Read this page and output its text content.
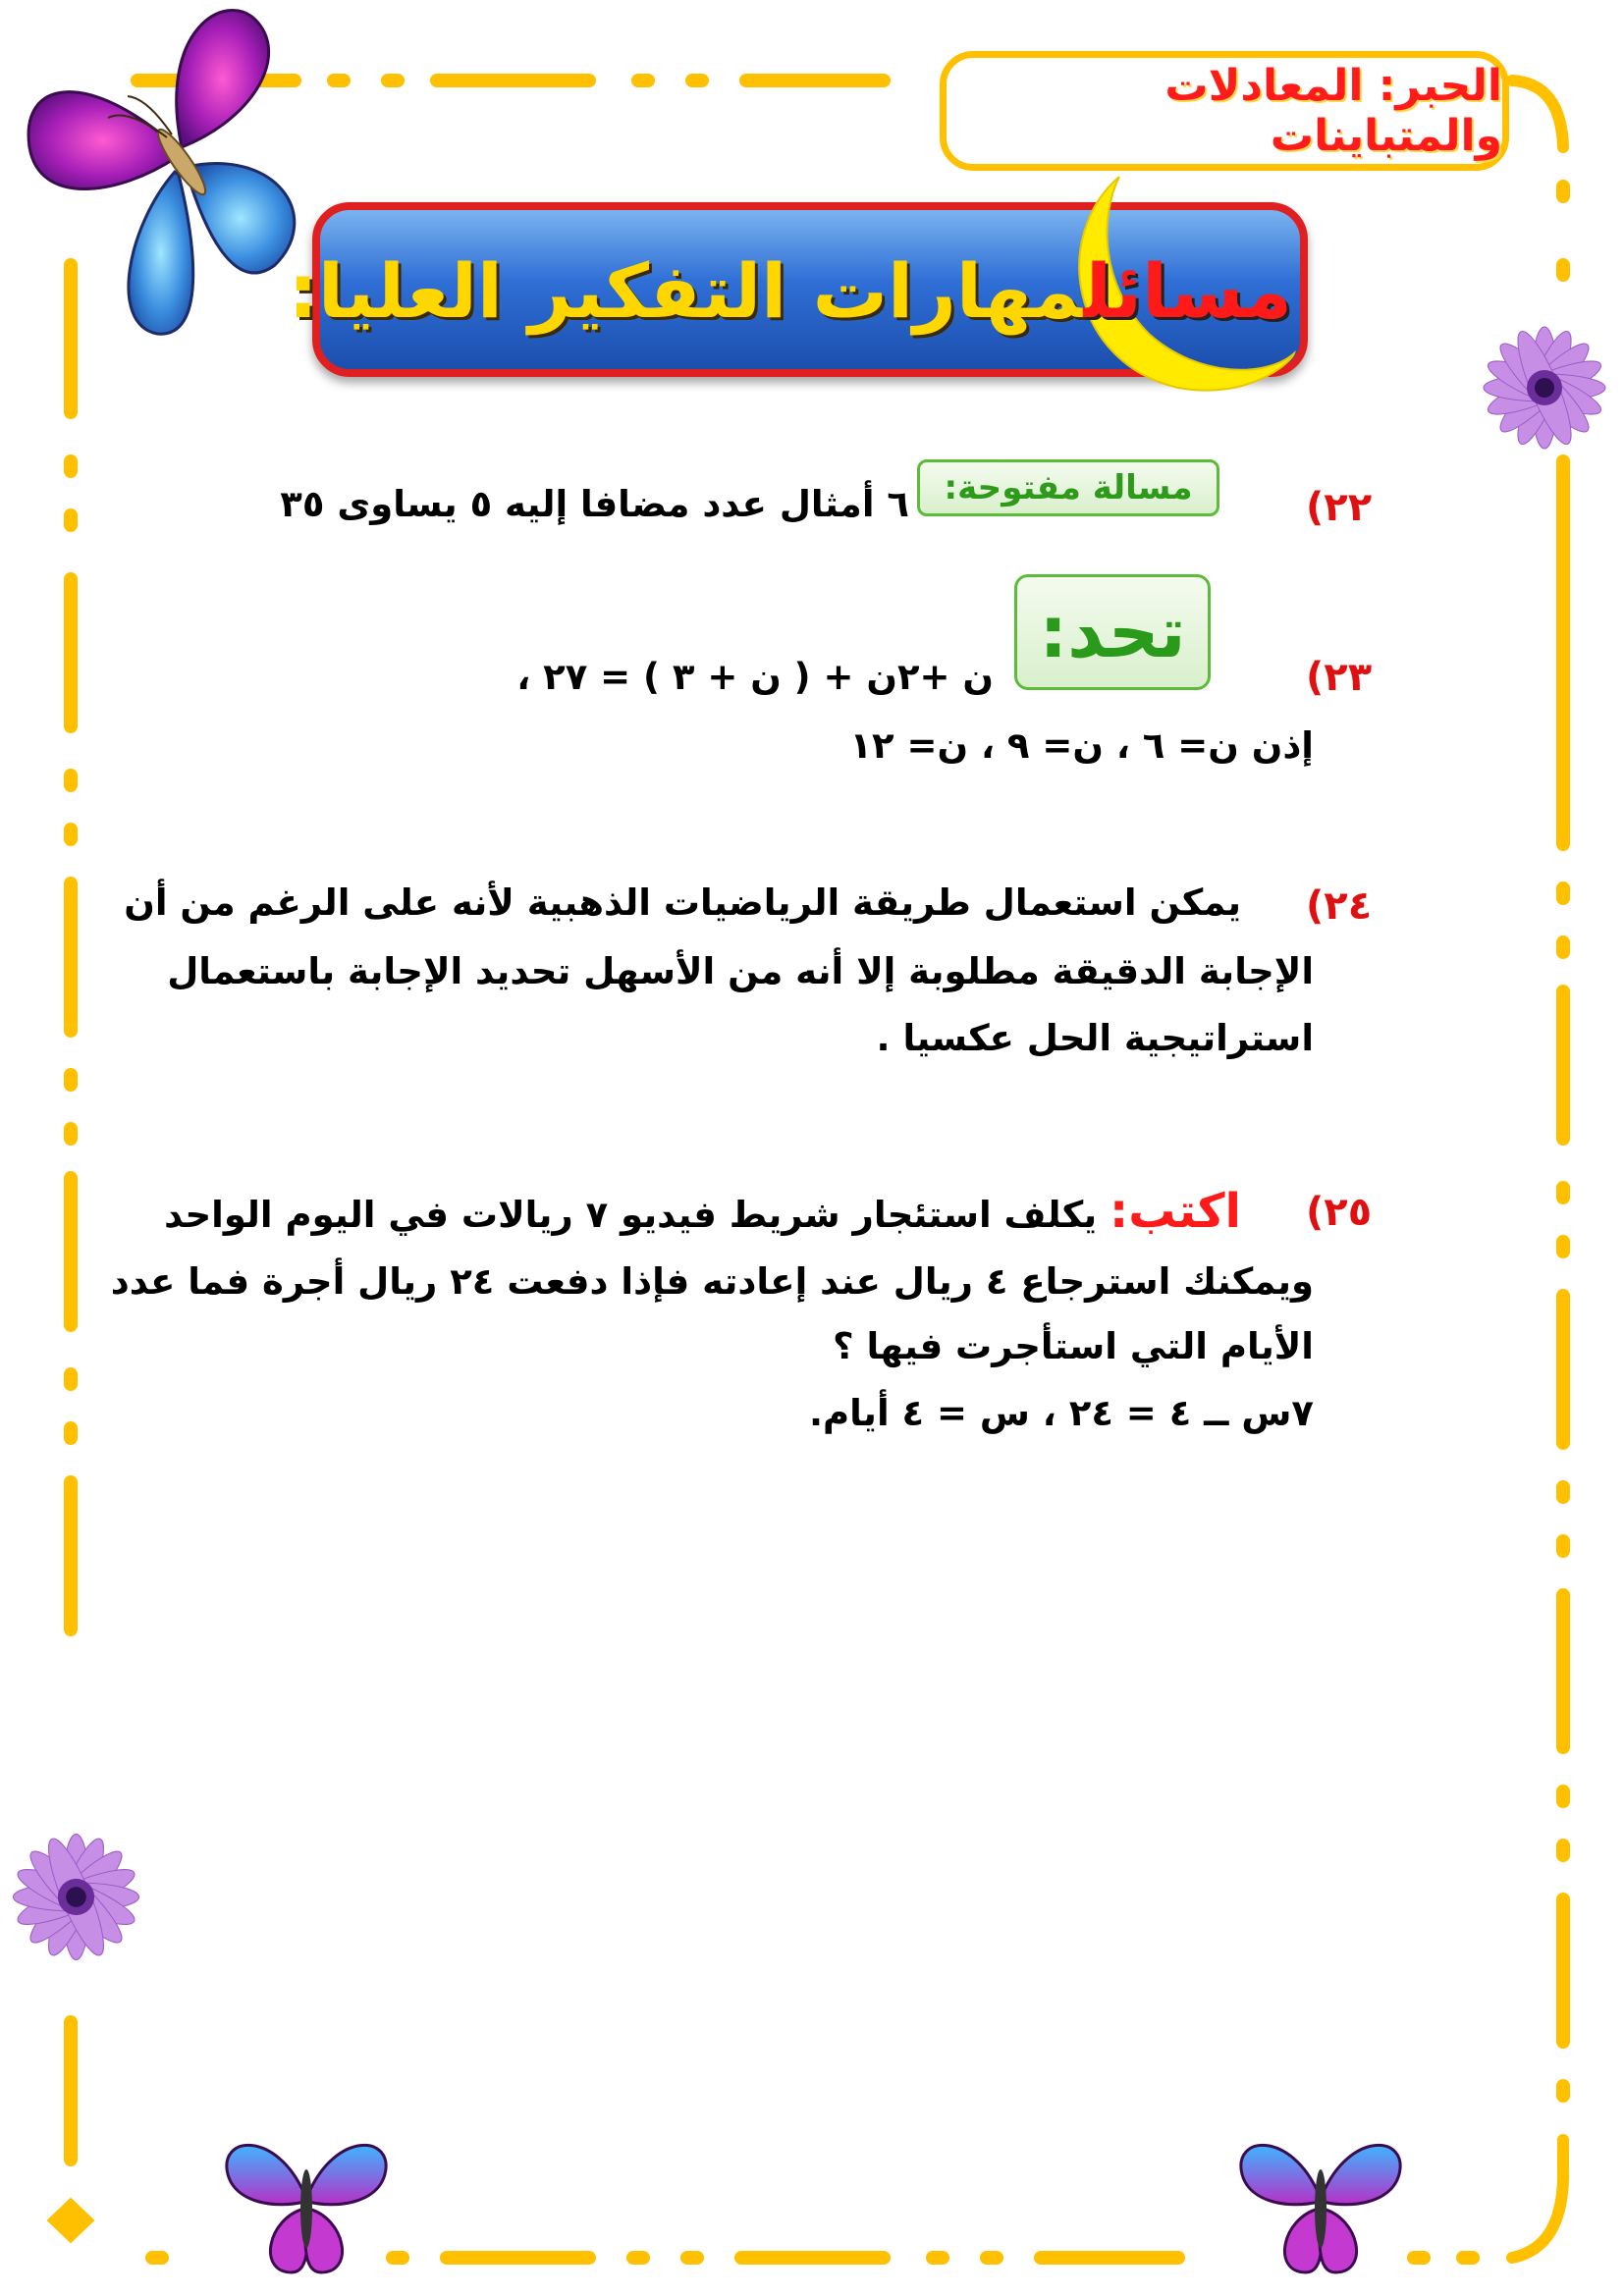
الحبر: المعادلات والمتباينات
مسائلمهارات التفكير العليا:
٢٢)
مسالة مفتوحة:
٦ أمثال عدد مضافا إليه ٥ يساوى ٣٥
٢٣)
تحد:
ن +٢ن + ( ن + ٣ ) = ٢٧ ،
إذن ن= ٦ ، ن= ٩ ، ن= ١٢
٢٤)
يمكن استعمال طريقة الرياضيات الذهبية لأنه على الرغم من أن
الإجابة الدقيقة مطلوبة إلا أنه من الأسهل تحديد الإجابة باستعمال
استراتيجية الحل عكسيا .
٢٥)
اكتب: يكلف استئجار شريط فيديو ٧ ريالات في اليوم الواحد
ويمكنك استرجاع ٤ ريال عند إعادته فإذا دفعت ٢٤ ريال أجرة فما عدد
الأيام التي استأجرت فيها ؟
٧س ــ ٤ = ٢٤ ، س = ٤ أيام.
